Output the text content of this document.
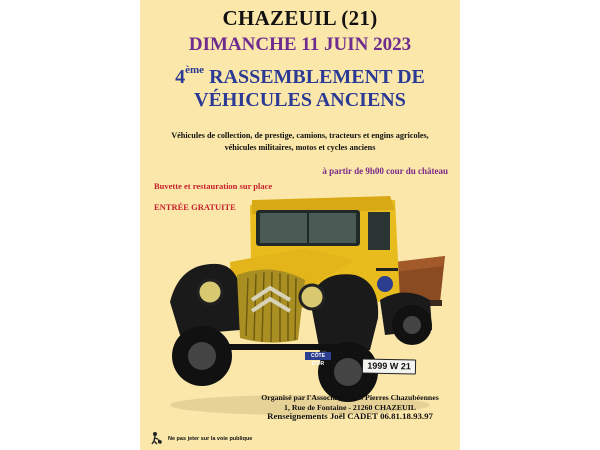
CHAZEUIL (21)
DIMANCHE 11 JUIN 2023
4ème RASSEMBLEMENT DE
VÉHICULES ANCIENS
Véhicules de collection, de prestige, camions, tracteurs et engins agricoles,
véhicules militaires, motos et cycles anciens
à partir de 9h00 cour du château
Buvette et restauration sur place
ENTRÉE GRATUITE
CÔTE D'OR	1999 W 21
Organisé par l'Association Les Pierres Chazubéennes
1, Rue de Fontaine - 21260 CHAZEUIL
Renseignements Joël CADET 06.81.18.93.97
Ne pas jeter sur la voie publique
